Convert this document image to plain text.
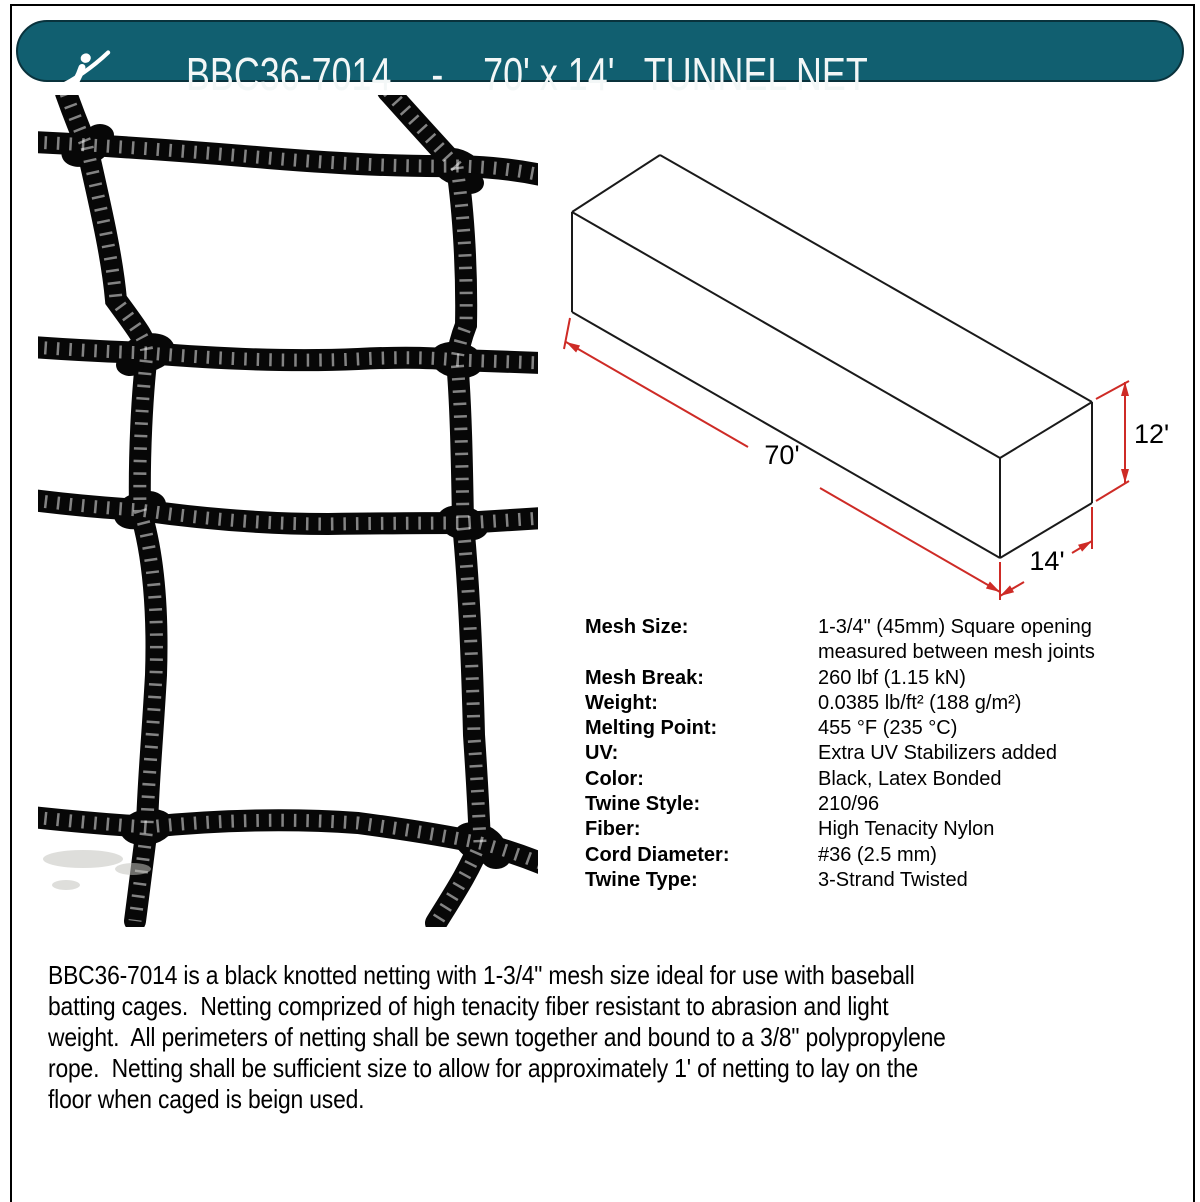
BBC36-7014    -    70' x 14'   TUNNEL NET
70'
12'
14'
Mesh Size:	1-3/4" (45mm) Square opening
measured between mesh joints
Mesh Break:	260 lbf (1.15 kN)
Weight:	0.0385 lb/ft² (188 g/m²)
Melting Point:	455 °F (235 °C)
UV:	Extra UV Stabilizers added
Color:	Black, Latex Bonded
Twine Style:	210/96
Fiber:	High Tenacity Nylon
Cord Diameter:	#36 (2.5 mm)
Twine Type:	3-Strand Twisted
BBC36-7014 is a black knotted netting with 1-3/4" mesh size ideal for use with baseball
batting cages.  Netting comprized of high tenacity fiber resistant to abrasion and light
weight.  All perimeters of netting shall be sewn together and bound to a 3/8" polypropylene
rope.  Netting shall be sufficient size to allow for approximately 1' of netting to lay on the
floor when caged is beign used.
